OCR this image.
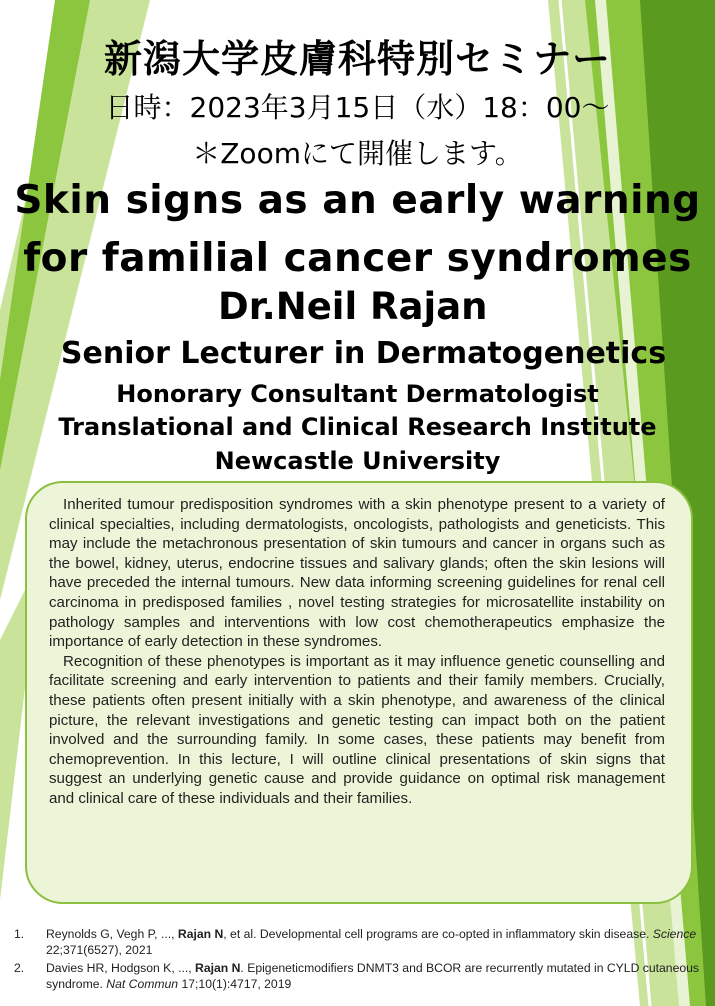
新潟大学皮膚科特別セミナー
日時：2023年3月15日（水）18：00～
＊Zoomにて開催します。
Skin signs as an early warning
for familial cancer syndromes
Dr.Neil Rajan
Senior Lecturer in Dermatogenetics
Honorary Consultant Dermatologist
Translational and Clinical Research Institute
Newcastle University

Inherited tumour predisposition syndromes with a skin phenotype present to a variety of clinical specialties, including dermatologists, oncologists, pathologists and geneticists. This may include the metachronous presentation of skin tumours and cancer in organs such as the bowel, kidney, uterus, endocrine tissues and salivary glands; often the skin lesions will have preceded the internal tumours. New data informing screening guidelines for renal cell carcinoma in predisposed families , novel testing strategies for microsatellite instability on pathology samples and interventions with low cost chemotherapeutics emphasize the importance of early detection in these syndromes.

Recognition of these phenotypes is important as it may influence genetic counselling and facilitate screening and early intervention to patients and their family members. Crucially, these patients often present initially with a skin phenotype, and awareness of the clinical picture, the relevant investigations and genetic testing can impact both on the patient involved and the surrounding family. In some cases, these patients may benefit from chemoprevention. In this lecture, I will outline clinical presentations of skin signs that suggest an underlying genetic cause and provide guidance on optimal risk management and clinical care of these individuals and their families.

1.	Reynolds G, Vegh P, ..., Rajan N, et al. Developmental cell programs are co-opted in inflammatory skin disease. Science 22;371(6527), 2021
2.	Davies HR, Hodgson K, ..., Rajan N. Epigeneticmodifiers DNMT3 and BCOR are recurrently mutated in CYLD cutaneous syndrome. Nat Commun 17;10(1):4717, 2019
